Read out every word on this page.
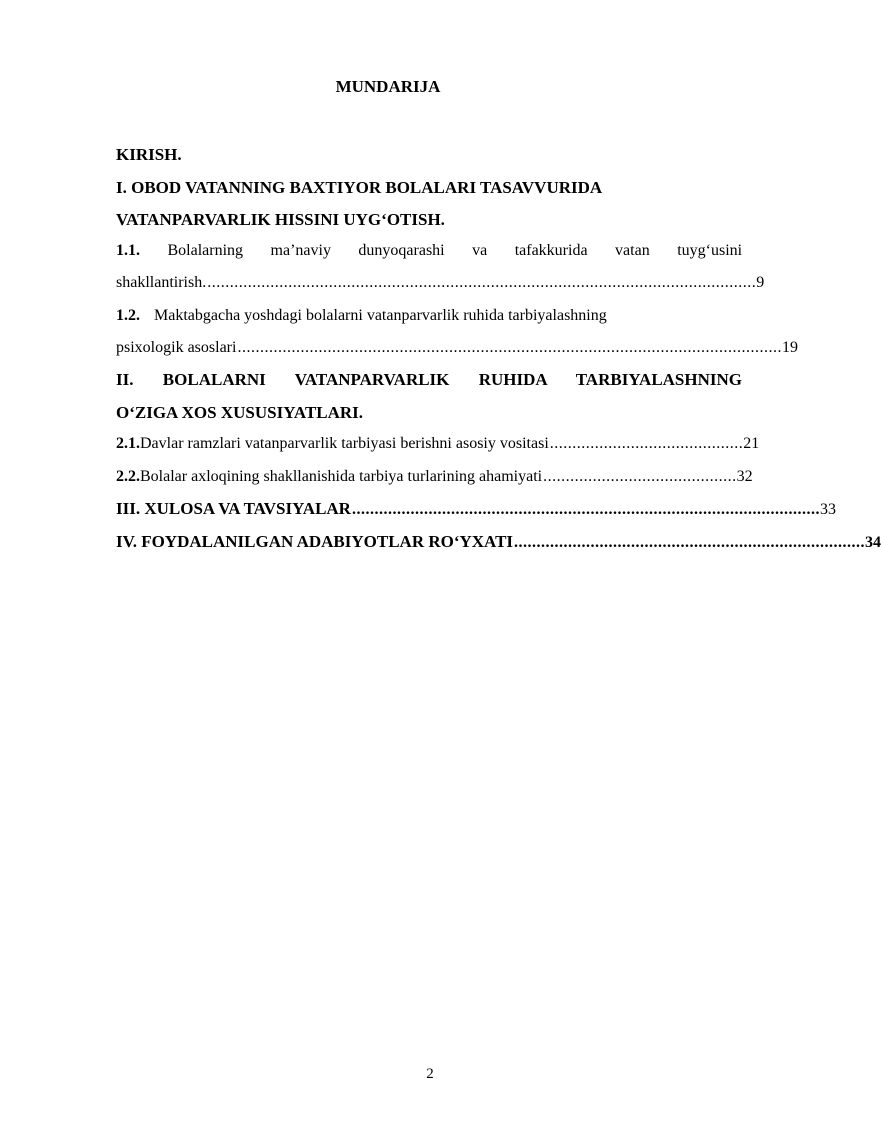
MUNDARIJA
KIRISH.
I. OBOD VATANNING BAXTIYOR BOLALARI TASAVVURIDA
VATANPARVARLIK HISSINI UYG‘OTISH.
1.1. Bolalarning ma’naviy dunyoqarashi va tafakkurida vatan tuyg‘usini
shakllantirish. .......................................................................................................................... 9
1.2. Maktabgacha yoshdagi bolalarni vatanparvarlik ruhida tarbiyalashning
psixologik asoslari ......................................................................................................................... 19
II. BOLALARNI VATANPARVARLIK RUHIDA TARBIYALASHNING
O‘ZIGA XOS XUSUSIYATLARI.
2.1. Davlar ramzlari vatanparvarlik tarbiyasi berishni asosiy vositasi ........................................... 21
2.2. Bolalar axloqining shakllanishida tarbiya turlarining ahamiyati ........................................... 32
III. XULOSA VA TAVSIYALAR ........................................................................................................ 33
IV. FOYDALANILGAN ADABIYOTLAR RO‘YXATI .............................................................................. 34
2
